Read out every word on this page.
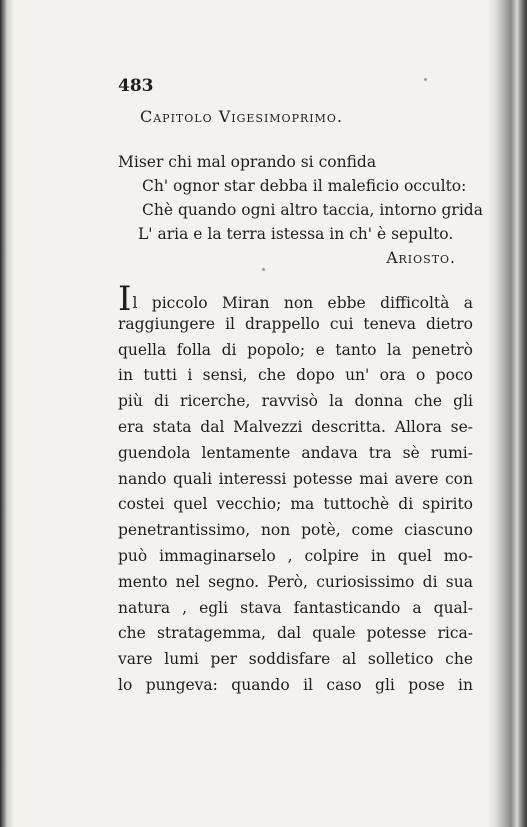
483

Capitolo Vigesimoprimo.

Miser chi mal oprando si confida
Ch' ognor star debba il maleficio occulto:
Chè quando ogni altro taccia, intorno grida
L' aria e la terra istessa in ch' è sepulto.
Ariosto.
Il piccolo Miran non ebbe difficoltà a
raggiungere il drappello cui teneva dietro
quella folla di popolo; e tanto la penetrò
in tutti i sensi, che dopo un' ora o poco
più di ricerche, ravvisò la donna che gli
era stata dal Malvezzi descritta. Allora se-
guendola lentamente andava tra sè rumi-
nando quali interessi potesse mai avere con
costei quel vecchio; ma tuttochè di spirito
penetrantissimo, non potè, come ciascuno
può immaginarselo , colpire in quel mo-
mento nel segno. Però, curiosissimo di sua
natura , egli stava fantasticando a qual-
che stratagemma, dal quale potesse rica-
vare lumi per soddisfare al solletico che
lo pungeva: quando il caso gli pose in
